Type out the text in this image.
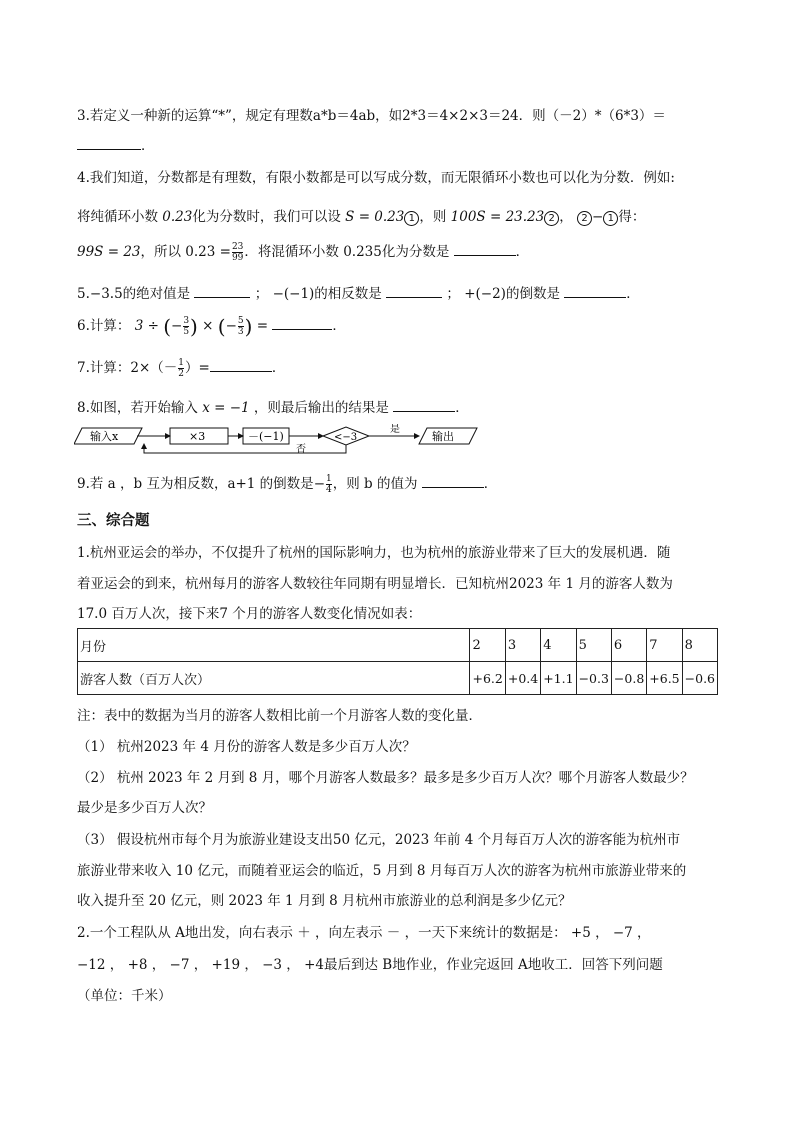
3.若定义一种新的运算“*”，规定有理数a*b＝4ab，如2*3＝4×2×3＝24．则（－2）*（6*3）＝
．
4.我们知道，分数都是有理数，有限小数都是可以写成分数，而无限循环小数也可以化为分数．例如:
将纯循环小数 0.23化为分数时，我们可以设 S = 0.23 1 ，则 100S = 23.23 2 ， 2 − 1 得：
99S = 23，所以 $0.23 = \frac{23}{99}$ ．将混循环小数 0.235化为分数是	．
5.−3.5的绝对值是	； −(−1)的相反数是	； +(−2)的倒数是	．
6.计算： 3 ÷ (− $\frac{3}{5}$ ) × (− $\frac{5}{3}$ ) =	．
7.计算：$2\times(- \frac{1}{2}$ ）=	．
8.如图，若开始输入 x = −1 ，则最后输出的结果是	．
输入x	×3	－(−1)	<−3
是
输出
否
9.若 a ，b 互为相反数，a+1 的倒数是− $\frac{1}{4}$ ，则 b 的值为	．
三、综合题
1.杭州亚运会的举办，不仅提升了杭州的国际影响力，也为杭州的旅游业带来了巨大的发展机遇．随
着亚运会的到来，杭州每月的游客人数较往年同期有明显增长．已知杭州2023 年 1 月的游客人数为
17.0 百万人次，接下来7 个月的游客人数变化情况如表：
月份	2	3	4	5	6	7	8
游客人数（百万人次）	+6.2	+0.4	+1.1	−0.3	−0.8	+6.5	−0.6
注：表中的数据为当月的游客人数相比前一个月游客人数的变化量．
（1） 杭州2023 年 4 月份的游客人数是多少百万人次？
（2） 杭州 2023 年 2 月到 8 月，哪个月游客人数最多？最多是多少百万人次？哪个月游客人数最少？
最少是多少百万人次？
（3） 假设杭州市每个月为旅游业建设支出50 亿元，2023 年前 4 个月每百万人次的游客能为杭州市
旅游业带来收入 10 亿元，而随着亚运会的临近，5 月到 8 月每百万人次的游客为杭州市旅游业带来的
收入提升至 20 亿元，则 2023 年 1 月到 8 月杭州市旅游业的总利润是多少亿元？
2.一个工程队从 A地出发，向右表示 ＋ ，向左表示 － ，一天下来统计的数据是： +5 ， −7 ，
−12 ， +8 ， −7 ， +19 ， −3 ， +4最后到达 B地作业，作业完返回 A地收工．回答下列问题
（单位：千米）
